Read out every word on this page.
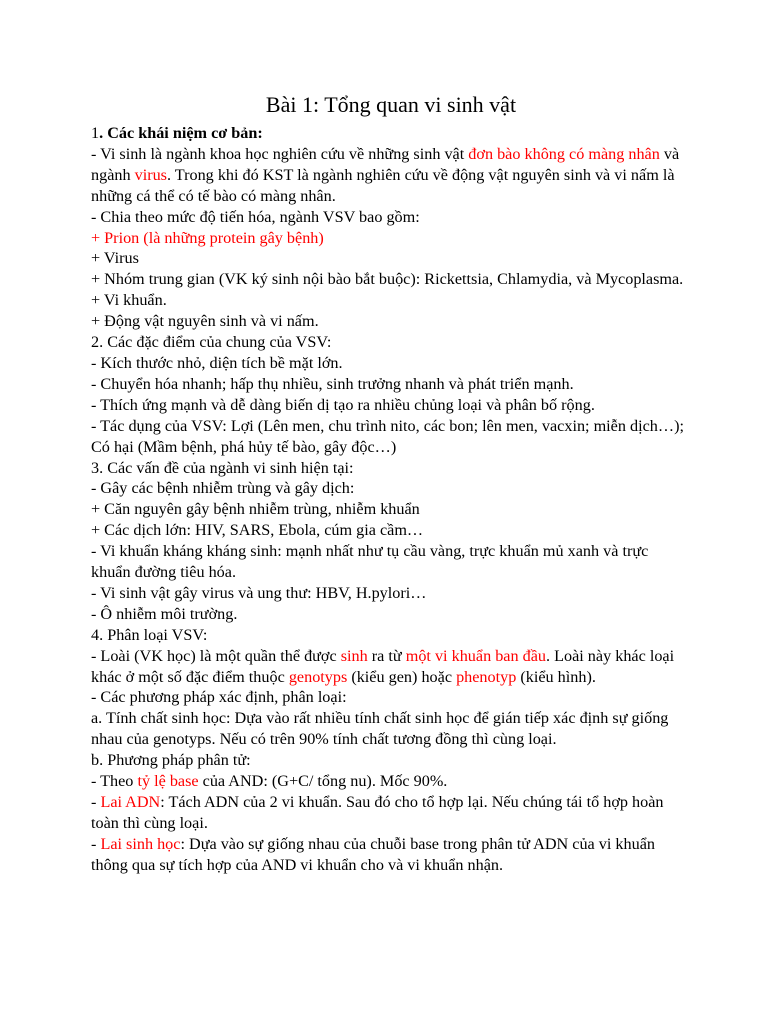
Bài 1: Tổng quan vi sinh vật

1. Các khái niệm cơ bản:

- Vi sinh là ngành khoa học nghiên cứu về những sinh vật đơn bào không có màng nhân và ngành virus. Trong khi đó KST là ngành nghiên cứu về động vật nguyên sinh và vi nấm là những cá thể có tế bào có màng nhân.

- Chia theo mức độ tiến hóa, ngành VSV bao gồm:

+ Prion (là những protein gây bệnh)

+ Virus

+ Nhóm trung gian (VK ký sinh nội bào bắt buộc): Rickettsia, Chlamydia, và Mycoplasma.

+ Vi khuẩn.

+ Động vật nguyên sinh và vi nấm.

2. Các đặc điểm của chung của VSV:

- Kích thước nhỏ, diện tích bề mặt lớn.

- Chuyển hóa nhanh; hấp thụ nhiều, sinh trưởng nhanh và phát triển mạnh.

- Thích ứng mạnh và dễ dàng biến dị tạo ra nhiều chủng loại và phân bố rộng.

- Tác dụng của VSV: Lợi (Lên men, chu trình nito, các bon; lên men, vacxin; miễn dịch…); Có hại (Mầm bệnh, phá hủy tế bào, gây độc…)

3. Các vấn đề của ngành vi sinh hiện tại:

- Gây các bệnh nhiễm trùng và gây dịch:

+ Căn nguyên gây bệnh nhiễm trùng, nhiễm khuẩn

+ Các dịch lớn: HIV, SARS, Ebola, cúm gia cầm…

- Vi khuẩn kháng kháng sinh: mạnh nhất như tụ cầu vàng, trực khuẩn mủ xanh và trực khuẩn đường tiêu hóa.

- Vi sinh vật gây virus và ung thư: HBV, H.pylori…

- Ô nhiễm môi trường.

4. Phân loại VSV:

- Loài (VK học) là một quần thể được sinh ra từ một vi khuẩn ban đầu. Loài này khác loại khác ở một số đặc điểm thuộc genotyps (kiểu gen) hoặc phenotyp (kiểu hình).

- Các phương pháp xác định, phân loại:

a. Tính chất sinh học: Dựa vào rất nhiều tính chất sinh học để gián tiếp xác định sự giống nhau của genotyps. Nếu có trên 90% tính chất tương đồng thì cùng loại.

b. Phương pháp phân tử:

- Theo tỷ lệ base của AND: (G+C/ tổng nu). Mốc 90%.

- Lai ADN: Tách ADN của 2 vi khuẩn. Sau đó cho tổ hợp lại. Nếu chúng tái tổ hợp hoàn toàn thì cùng loại.

- Lai sinh học: Dựa vào sự giống nhau của chuỗi base trong phân tử ADN của vi khuẩn thông qua sự tích hợp của AND vi khuẩn cho và vi khuẩn nhận.
